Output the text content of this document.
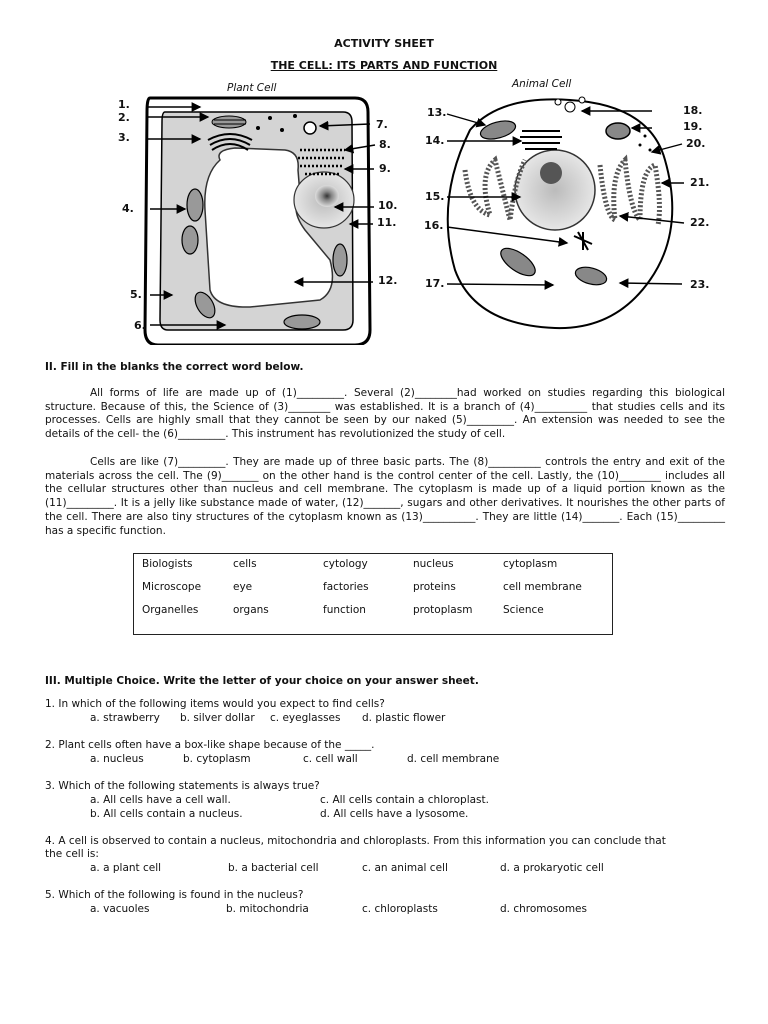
ACTIVITY SHEET
THE CELL: ITS PARTS AND FUNCTION
Plant Cell	Animal Cell
1.
2.
3.
4.
5.
6.
7.
8.
9.
10.
11.
12.
13.
14.
15.
16.
17.
18.
19.
20.
21.
22.
23.
II. Fill in the blanks the correct word below.

All forms of life are made up of (1)_________. Several (2)________had worked on studies regarding this biological structure. Because of this, the Science of (3)________ was established. It is a branch of (4)__________ that studies cells and its processes. Cells are highly small that they cannot be seen by our naked (5)_________. An extension was needed to see the details of the cell- the (6)_________. This instrument has revolutionized the study of cell.

Cells are like (7)_________. They are made up of three basic parts. The (8)__________ controls the entry and exit of the materials across the cell. The (9)_______ on the other hand is the control center of the cell. Lastly, the (10)________ includes all the cellular structures other than nucleus and cell membrane. The cytoplasm is made up of a liquid portion known as the (11)_________. It is a jelly like substance made of water, (12)_______, sugars and other derivatives. It nourishes the other parts of the cell. There are also tiny structures of the cytoplasm known as (13)__________. They are little (14)_______. Each (15)_________ has a specific function.

Biologists	cells	cytology	nucleus	cytoplasm
Microscope	eye	factories	proteins	cell membrane
Organelles	organs	function	protoplasm	Science
III. Multiple Choice. Write the letter of your choice on your answer sheet.
1. In which of the following items would you expect to find cells?
a. strawberry b. silver dollar c. eyeglasses d. plastic flower
2. Plant cells often have a box-like shape because of the _____.
a. nucleus	b. cytoplasm	c. cell wall	d. cell membrane
3. Which of the following statements is always true?
a. All cells have a cell wall.	c. All cells contain a chloroplast.
b. All cells contain a nucleus.	d. All cells have a lysosome.
4. A cell is observed to contain a nucleus, mitochondria and chloroplasts. From this information you can conclude that
the cell is:
a. a plant cell	b. a bacterial cell	c. an animal cell	d. a prokaryotic cell
5. Which of the following is found in the nucleus?
a. vacuoles	b. mitochondria	c. chloroplasts	d. chromosomes
